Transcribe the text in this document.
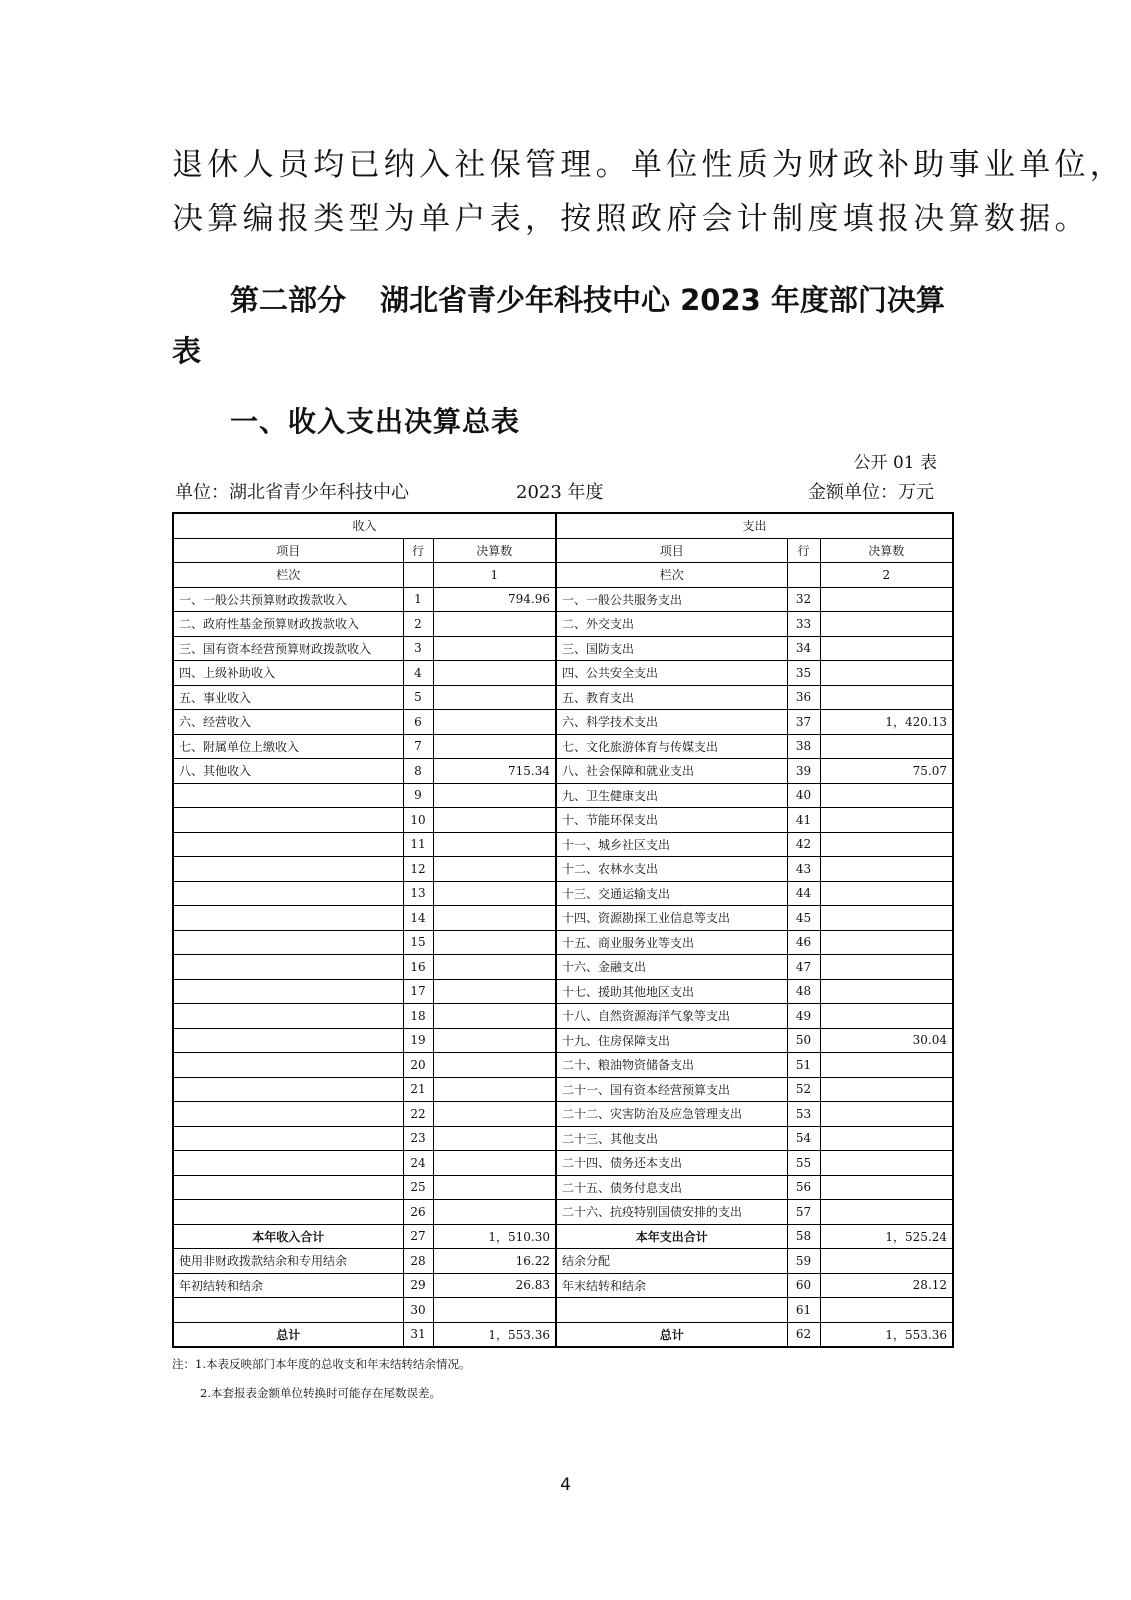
退休人员均已纳入社保管理。单位性质为财政补助事业单位，
决算编报类型为单户表，按照政府会计制度填报决算数据。
第二部分 湖北省青少年科技中心 2023 年度部门决算
表
一、收入支出决算总表
公开 01 表
单位：湖北省青少年科技中心	2023 年度	金额单位：万元
收入			支出		
项目	行	决算数	项目	行	决算数
栏次		1	栏次		2
一、一般公共预算财政拨款收入	1	794.96	一、一般公共服务支出	32	
二、政府性基金预算财政拨款收入	2		二、外交支出	33	
三、国有资本经营预算财政拨款收入	3		三、国防支出	34	
四、上级补助收入	4		四、公共安全支出	35	
五、事业收入	5		五、教育支出	36	
六、经营收入	6		六、科学技术支出	37	1，420.13
七、附属单位上缴收入	7		七、文化旅游体育与传媒支出	38	
八、其他收入	8	715.34	八、社会保障和就业支出	39	75.07
	9		九、卫生健康支出	40	
	10		十、节能环保支出	41	
	11		十一、城乡社区支出	42	
	12		十二、农林水支出	43	
	13		十三、交通运输支出	44	
	14		十四、资源勘探工业信息等支出	45	
	15		十五、商业服务业等支出	46	
	16		十六、金融支出	47	
	17		十七、援助其他地区支出	48	
	18		十八、自然资源海洋气象等支出	49	
	19		十九、住房保障支出	50	30.04
	20		二十、粮油物资储备支出	51	
	21		二十一、国有资本经营预算支出	52	
	22		二十二、灾害防治及应急管理支出	53	
	23		二十三、其他支出	54	
	24		二十四、债务还本支出	55	
	25		二十五、债务付息支出	56	
	26		二十六、抗疫特别国债安排的支出	57	
本年收入合计	27	1，510.30	本年支出合计	58	1，525.24
使用非财政拨款结余和专用结余	28	16.22	结余分配	59	
年初结转和结余	29	26.83	年末结转和结余	60	28.12
	30			61	
总计	31	1，553.36	总计	62	1，553.36
注：1.本表反映部门本年度的总收支和年末结转结余情况。
2.本套报表金额单位转换时可能存在尾数误差。
4
